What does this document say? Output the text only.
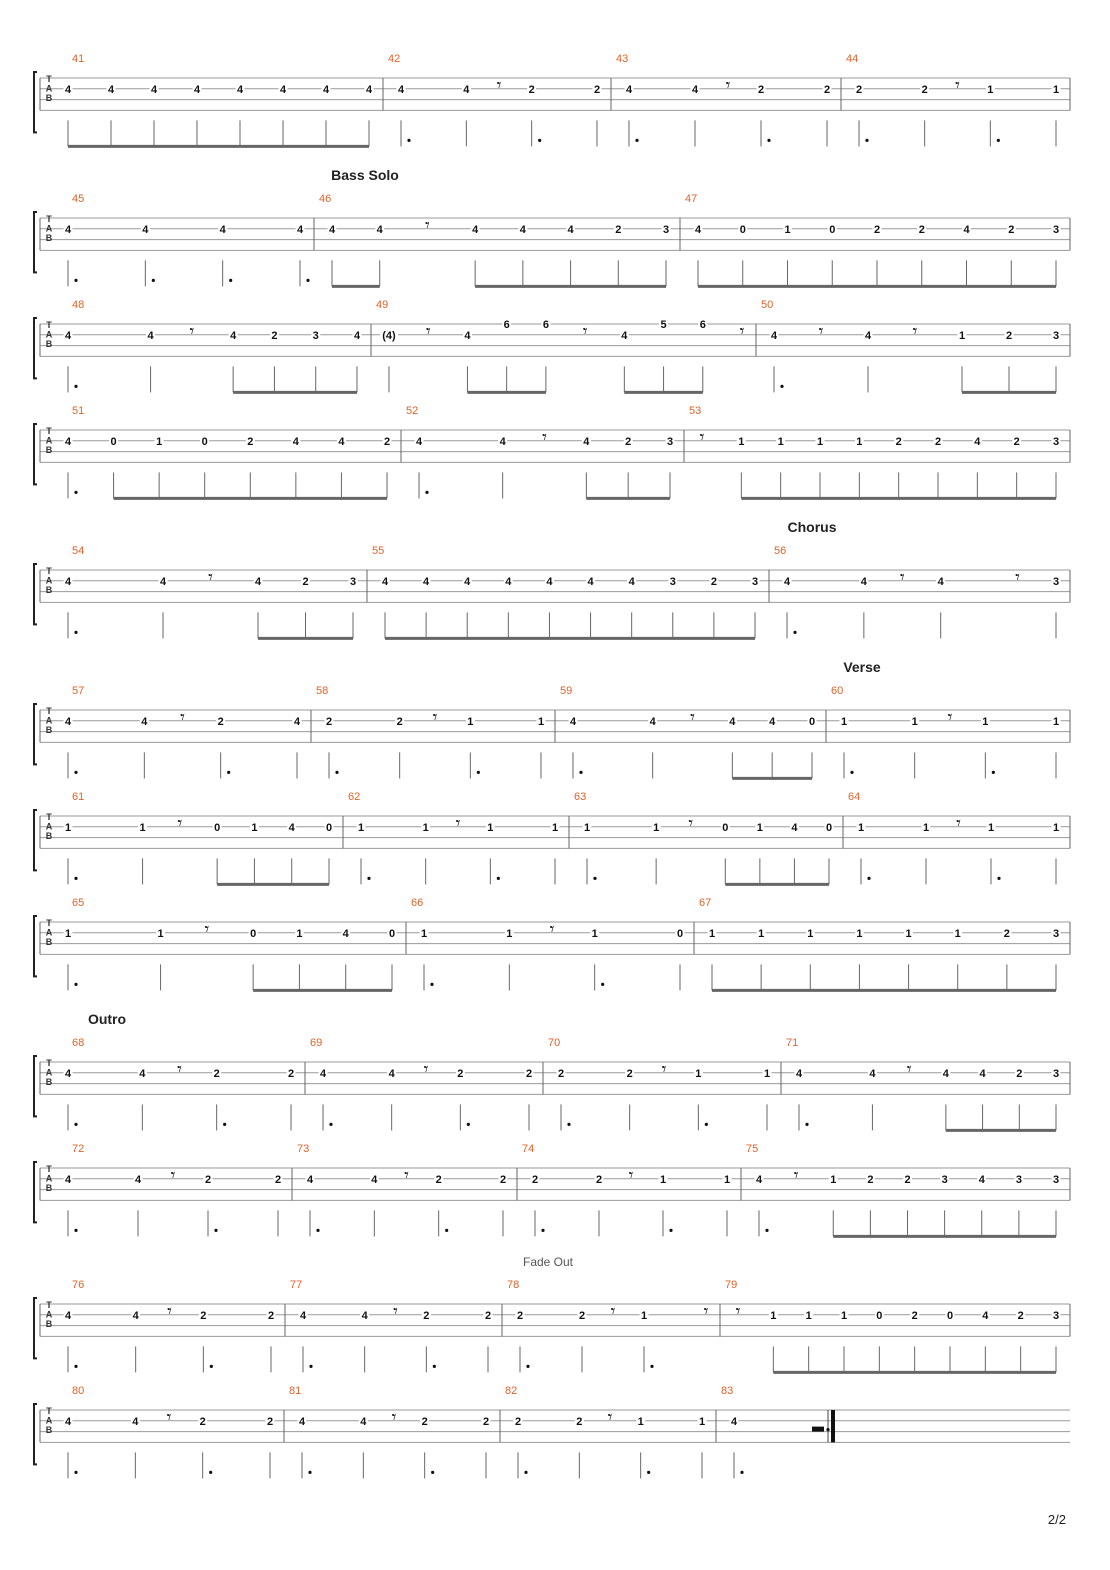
T
A
B
41
4	4	4	4	4	4	4	4
42
4	4 𝄾 2	2
43
4	4 𝄾	2	2
44
2	2 𝄾 1	1
Bass Solo
T
A
B
45
4	4	4	4
46
4	4 𝄾	4	4	4	2	3
47
4	0	1	0	2	2	4	2	3
T
A
B
48
4	4 𝄾	4	2	3	4
49
(4) 𝄾	4
6	6 𝄾	4
5	6 𝄾
50
4 𝄾	4 𝄾	1	2	3
T
A
B
51
4	0	1	0	2	4	4	2
52
4	4 𝄾	4	2	3
53
𝄾	1	1	1	1	2	2	4	2	3
Chorus
T
A
B
54
4	4 𝄾	4	2	3
55
4	4	4	4	4	4	4	3	2	3
56
4	4 𝄾	4	𝄾	3
Verse
T
A
B
57
4	4 𝄾	2	4
58
2	2 𝄾	1	1
59
4	4 𝄾	4	4	0
60
1	1 𝄾	1	1
T
A
B
61
1	1 𝄾	0	1	4	0
62
1	1 𝄾 1	1
63
1	1 𝄾	0	1	4	0
64
1	1 𝄾 1	1
T
A
B
65
1	1 𝄾	0	1	4	0
66
1	1 𝄾	1	0
67
1	1	1	1	1	1	2	3
Outro
T
A
B
68
4	4 𝄾	2	2
69
4	4 𝄾	2	2
70
2	2 𝄾	1	1
71
4	4 𝄾	4	4	2	3
T
A
B
72
4	4 𝄾	2	2
73
4	4 𝄾 2	2
74
2	2 𝄾 1	1
75
4 𝄾	1	2	2	3	4	3	3
Fade Out
T
A
B
76
4	4 𝄾	2	2
77
4	4 𝄾 2	2
78
2	2 𝄾 1	𝄾
79
𝄾	1	1	1	0	2	0	4	2	3
T
A
B
80
4	4 𝄾	2	2
81
4	4 𝄾 2	2
82
2	2 𝄾 1	1
83
4
2/2
